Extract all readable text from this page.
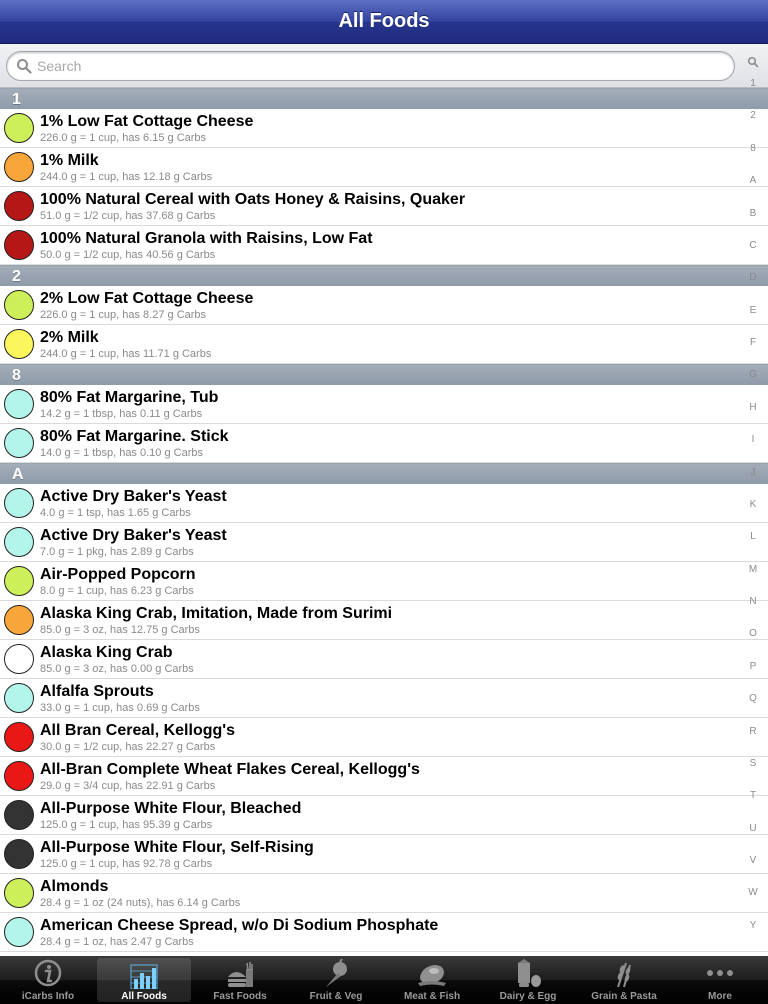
All Foods
Search
1
1% Low Fat Cottage Cheese
226.0 g = 1 cup, has 6.15 g Carbs
1% Milk
244.0 g = 1 cup, has 12.18 g Carbs
100% Natural Cereal with Oats Honey & Raisins, Quaker
51.0 g = 1/2 cup, has 37.68 g Carbs
100% Natural Granola with Raisins, Low Fat
50.0 g = 1/2 cup, has 40.56 g Carbs
2
2% Low Fat Cottage Cheese
226.0 g = 1 cup, has 8.27 g Carbs
2% Milk
244.0 g = 1 cup, has 11.71 g Carbs
8
80% Fat Margarine, Tub
14.2 g = 1 tbsp, has 0.11 g Carbs
80% Fat Margarine. Stick
14.0 g = 1 tbsp, has 0.10 g Carbs
A
Active Dry Baker's Yeast
4.0 g = 1 tsp, has 1.65 g Carbs
Active Dry Baker's Yeast
7.0 g = 1 pkg, has 2.89 g Carbs
Air-Popped Popcorn
8.0 g = 1 cup, has 6.23 g Carbs
Alaska King Crab, Imitation, Made from Surimi
85.0 g = 3 oz, has 12.75 g Carbs
Alaska King Crab
85.0 g = 3 oz, has 0.00 g Carbs
Alfalfa Sprouts
33.0 g = 1 cup, has 0.69 g Carbs
All Bran Cereal, Kellogg's
30.0 g = 1/2 cup, has 22.27 g Carbs
All-Bran Complete Wheat Flakes Cereal, Kellogg's
29.0 g = 3/4 cup, has 22.91 g Carbs
All-Purpose White Flour, Bleached
125.0 g = 1 cup, has 95.39 g Carbs
All-Purpose White Flour, Self-Rising
125.0 g = 1 cup, has 92.78 g Carbs
Almonds
28.4 g = 1 oz (24 nuts), has 6.14 g Carbs
American Cheese Spread, w/o Di Sodium Phosphate
28.4 g = 1 oz, has 2.47 g Carbs
1
2
8
A
B
C
D
E
F
G
H
I
J
K
L
M
N
O
P
Q
R
S
T
U
V
W
Y
iCarbs Info	All Foods	Fast Foods	Fruit & Veg	Meat & Fish	Dairy & Egg	Grain & Pasta	More
